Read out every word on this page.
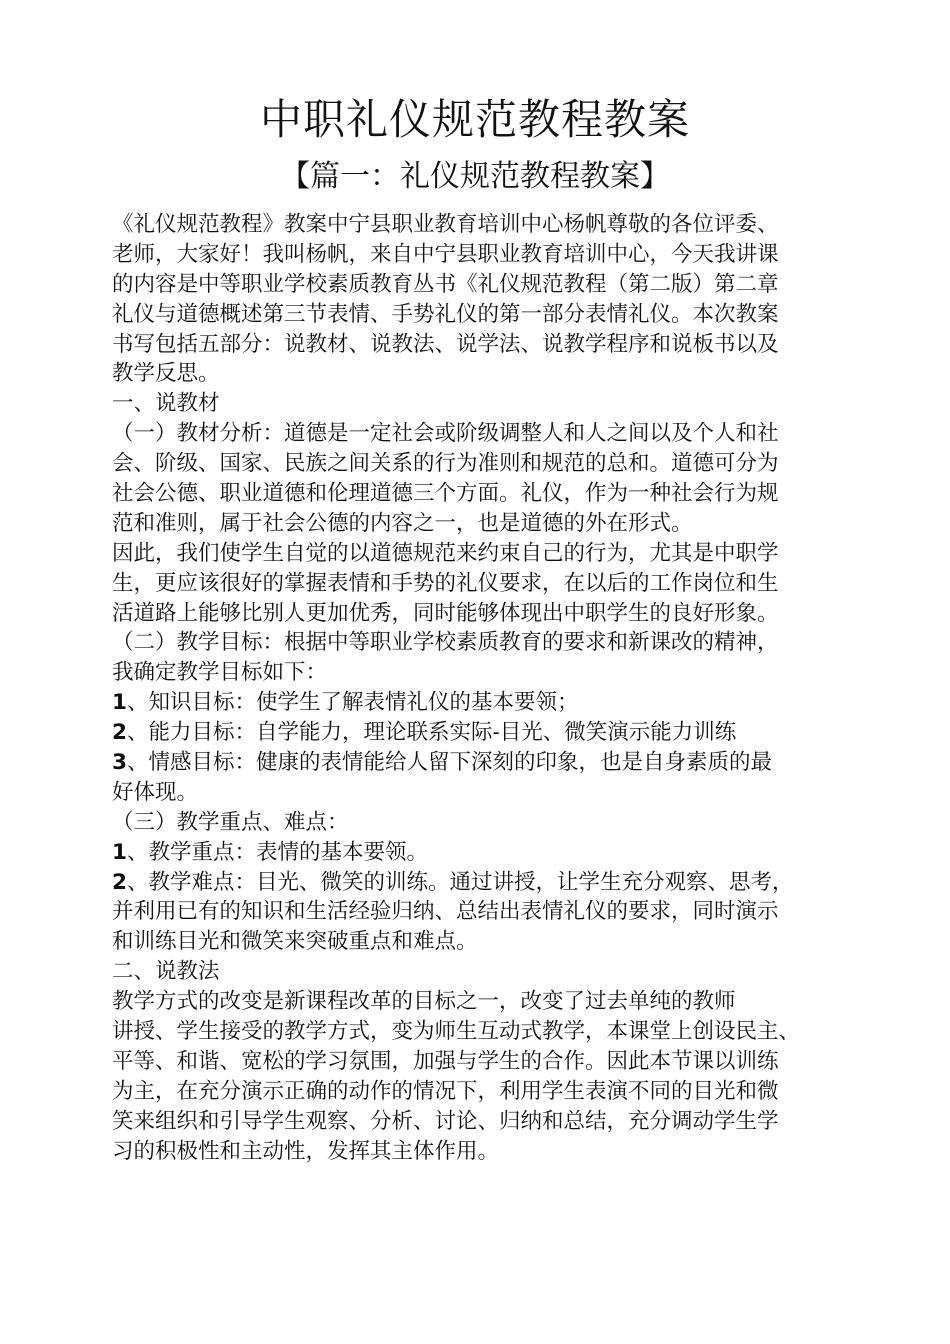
中职礼仪规范教程教案
【篇一：礼仪规范教程教案】
《礼仪规范教程》教案中宁县职业教育培训中心杨帆尊敬的各位评委、
老师，大家好！我叫杨帆，来自中宁县职业教育培训中心，今天我讲课
的内容是中等职业学校素质教育丛书《礼仪规范教程（第二版）第二章
礼仪与道德概述第三节表情、手势礼仪的第一部分表情礼仪。本次教案
书写包括五部分：说教材、说教法、说学法、说教学程序和说板书以及
教学反思。
一、说教材
（一）教材分析：道德是一定社会或阶级调整人和人之间以及个人和社
会、阶级、国家、民族之间关系的行为准则和规范的总和。道德可分为
社会公德、职业道德和伦理道德三个方面。礼仪，作为一种社会行为规
范和准则，属于社会公德的内容之一，也是道德的外在形式。
因此，我们使学生自觉的以道德规范来约束自己的行为，尤其是中职学
生，更应该很好的掌握表情和手势的礼仪要求，在以后的工作岗位和生
活道路上能够比别人更加优秀，同时能够体现出中职学生的良好形象。
（二）教学目标：根据中等职业学校素质教育的要求和新课改的精神，
我确定教学目标如下：
1、知识目标：使学生了解表情礼仪的基本要领；
2、能力目标：自学能力，理论联系实际-目光、微笑演示能力训练
3、情感目标：健康的表情能给人留下深刻的印象，也是自身素质的最
好体现。
（三）教学重点、难点：
1、教学重点：表情的基本要领。
2、教学难点：目光、微笑的训练。通过讲授，让学生充分观察、思考，
并利用已有的知识和生活经验归纳、总结出表情礼仪的要求，同时演示
和训练目光和微笑来突破重点和难点。
二、说教法
教学方式的改变是新课程改革的目标之一，改变了过去单纯的教师
讲授、学生接受的教学方式，变为师生互动式教学，本课堂上创设民主、
平等、和谐、宽松的学习氛围，加强与学生的合作。因此本节课以训练
为主，在充分演示正确的动作的情况下，利用学生表演不同的目光和微
笑来组织和引导学生观察、分析、讨论、归纳和总结，充分调动学生学
习的积极性和主动性，发挥其主体作用。
